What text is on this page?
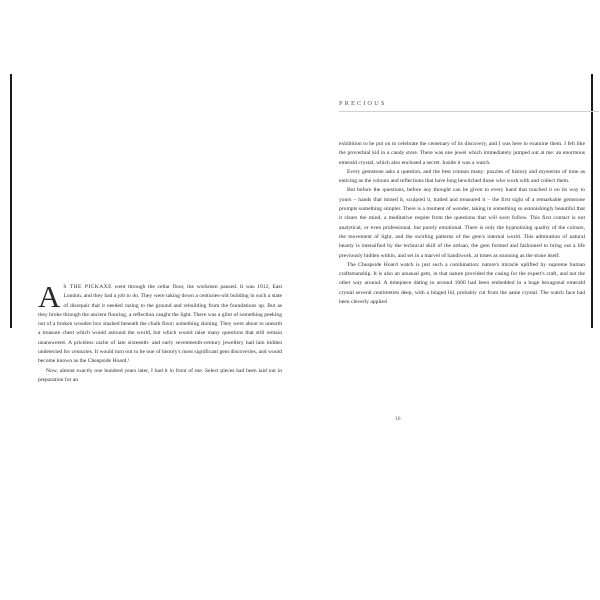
PRECIOUS

A S THE PICKAXE went through the cellar floor, the workmen paused. It was 1912, East London, and they had a job to do. They were taking down a centuries-old building in such a state of disrepair that it needed razing to the ground and rebuilding from the foundations up. But as they broke through the ancient flooring, a reflection caught the light. There was a glint of something peeking out of a broken wooden box stashed beneath the chalk floor; something shining. They were about to unearth a treasure chest which would astound the world, but which would raise many questions that still remain unanswered. A priceless cache of late sixteenth- and early seventeenth-century jewellery had lain hidden undetected for centuries. It would turn out to be one of history's most significant gem discoveries, and would become known as the Cheapside Hoard.¹

Now, almost exactly one hundred years later, I had it in front of me. Select pieces had been laid out in preparation for an

exhibition to be put on to celebrate the centenary of its discovery, and I was here to examine them. I felt like the proverbial kid in a candy store. There was one jewel which immediately jumped out at me: an enormous emerald crystal, which also enclosed a secret. Inside it was a watch.

Every gemstone asks a question, and the best contain many: puzzles of history and mysteries of time as enticing as the colours and reflections that have long bewitched those who work with and collect them.

But before the questions, before any thought can be given to every hand that touched it on its way to yours – hands that mined it, sculpted it, traded and treasured it – the first sight of a remarkable gemstone prompts something simpler. There is a moment of wonder, taking in something so astonishingly beautiful that it clears the mind, a meditative respite from the questions that will soon follow. This first contact is not analytical, or even professional, but purely emotional. There is only the hypnotizing quality of the colours, the movement of light, and the swirling patterns of the gem's internal world. This admiration of natural beauty is intensified by the technical skill of the artisan, the gem formed and fashioned to bring out a life previously hidden within, and set in a marvel of handiwork, at times as stunning as the stone itself.

The Cheapside Hoard watch is just such a combination: nature's miracle uplifted by supreme human craftsmanship. It is also an unusual gem, in that nature provided the casing for the expert's craft, and not the other way around. A timepiece dating to around 1600 had been embedded in a huge hexagonal emerald crystal several centimetres deep, with a hinged lid, probably cut from the same crystal. The watch face had been cleverly applied

16
